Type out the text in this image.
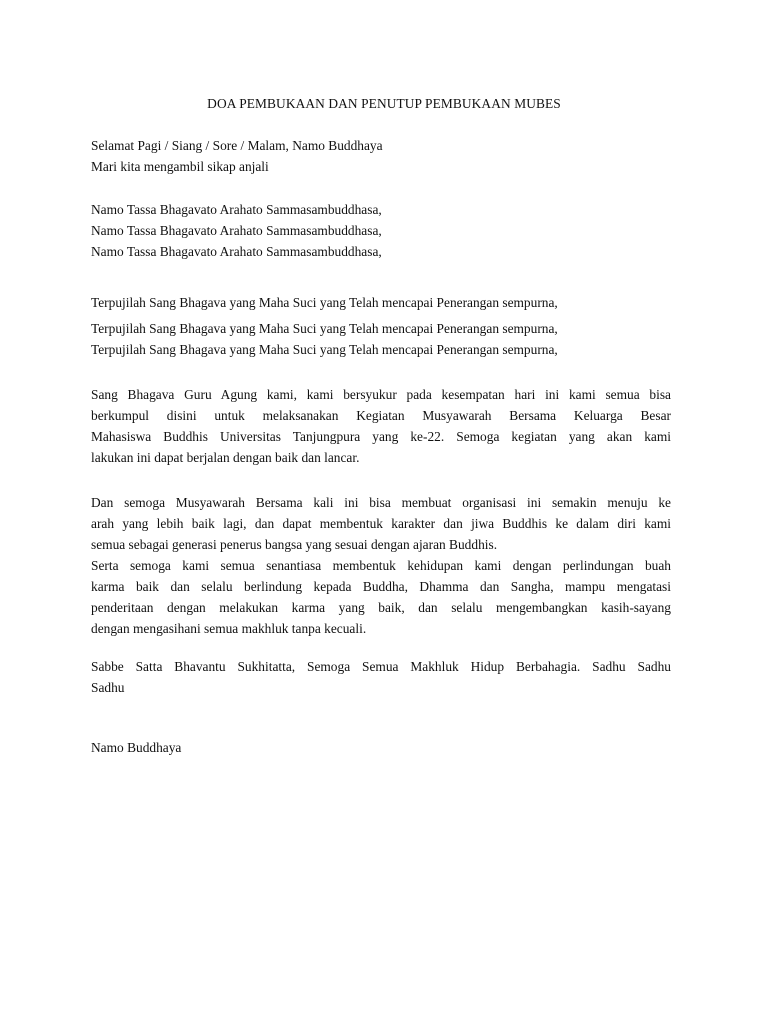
DOA PEMBUKAAN DAN PENUTUP PEMBUKAAN MUBES

Selamat Pagi / Siang / Sore / Malam, Namo Buddhaya

Mari kita mengambil sikap anjali

Namo Tassa Bhagavato Arahato Sammasambuddhasa,

Namo Tassa Bhagavato Arahato Sammasambuddhasa,

Namo Tassa Bhagavato Arahato Sammasambuddhasa,

Terpujilah Sang Bhagava yang Maha Suci yang Telah mencapai Penerangan sempurna,

Terpujilah Sang Bhagava yang Maha Suci yang Telah mencapai Penerangan sempurna,

Terpujilah Sang Bhagava yang Maha Suci yang Telah mencapai Penerangan sempurna,

Sang Bhagava Guru Agung kami, kami bersyukur pada kesempatan hari ini kami semua bisa
berkumpul disini untuk melaksanakan Kegiatan Musyawarah Bersama Keluarga Besar
Mahasiswa Buddhis Universitas Tanjungpura yang ke-22. Semoga kegiatan yang akan kami
lakukan ini dapat berjalan dengan baik dan lancar.
Dan semoga Musyawarah Bersama kali ini bisa membuat organisasi ini semakin menuju ke
arah yang lebih baik lagi, dan dapat membentuk karakter dan jiwa Buddhis ke dalam diri kami
semua sebagai generasi penerus bangsa yang sesuai dengan ajaran Buddhis.
Serta semoga kami semua senantiasa membentuk kehidupan kami dengan perlindungan buah
karma baik dan selalu berlindung kepada Buddha, Dhamma dan Sangha, mampu mengatasi
penderitaan dengan melakukan karma yang baik, dan selalu mengembangkan kasih-sayang
dengan mengasihani semua makhluk tanpa kecuali.
Sabbe Satta Bhavantu Sukhitatta, Semoga Semua Makhluk Hidup Berbahagia. Sadhu Sadhu
Sadhu

Namo Buddhaya
